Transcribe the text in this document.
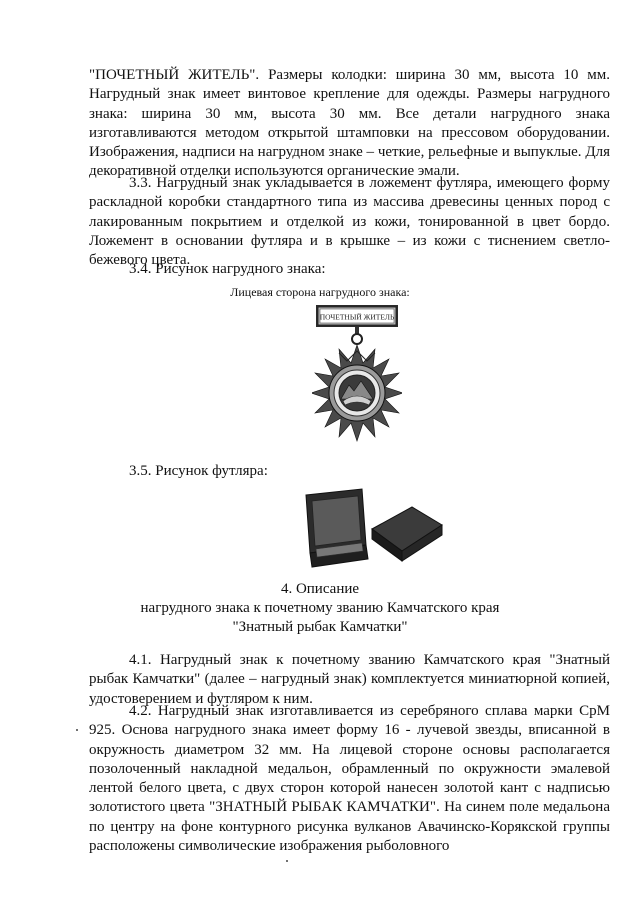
"ПОЧЕТНЫЙ ЖИТЕЛЬ". Размеры колодки: ширина 30 мм, высота 10 мм. Нагрудный знак имеет винтовое крепление для одежды. Размеры нагрудного знака: ширина 30 мм, высота 30 мм. Все детали нагрудного знака изготавливаются методом открытой штамповки на прессовом оборудовании. Изображения, надписи на нагрудном знаке – четкие, рельефные и выпуклые. Для декоративной отделки используются органические эмали.

3.3. Нагрудный знак укладывается в ложемент футляра, имеющего форму раскладной коробки стандартного типа из массива древесины ценных пород с лакированным покрытием и отделкой из кожи, тонированной в цвет бордо. Ложемент в основании футляра и в крышке – из кожи с тиснением светло-бежевого цвета.

3.4. Рисунок нагрудного знака:
Лицевая сторона нагрудного знака:
ПОЧЕТНЫЙ ЖИТЕЛЬ
3.5. Рисунок футляра:
4. Описание
нагрудного знака к почетному званию Камчатского края
"Знатный рыбак Камчатки"

4.1. Нагрудный знак к почетному званию Камчатского края "Знатный рыбак Камчатки" (далее – нагрудный знак) комплектуется миниатюрной копией, удостоверением и футляром к ним.

4.2. Нагрудный знак изготавливается из серебряного сплава марки СрМ 925. Основа нагрудного знака имеет форму 16 - лучевой звезды, вписанной в окружность диаметром 32 мм. На лицевой стороне основы располагается позолоченный накладной медальон, обрамленный по окружности эмалевой лентой белого цвета, с двух сторон которой нанесен золотой кант с надписью золотистого цвета "ЗНАТНЫЙ РЫБАК КАМЧАТКИ". На синем поле медальона по центру на фоне контурного рисунка вулканов Авачинско-Корякской группы расположены символические изображения рыболовного
